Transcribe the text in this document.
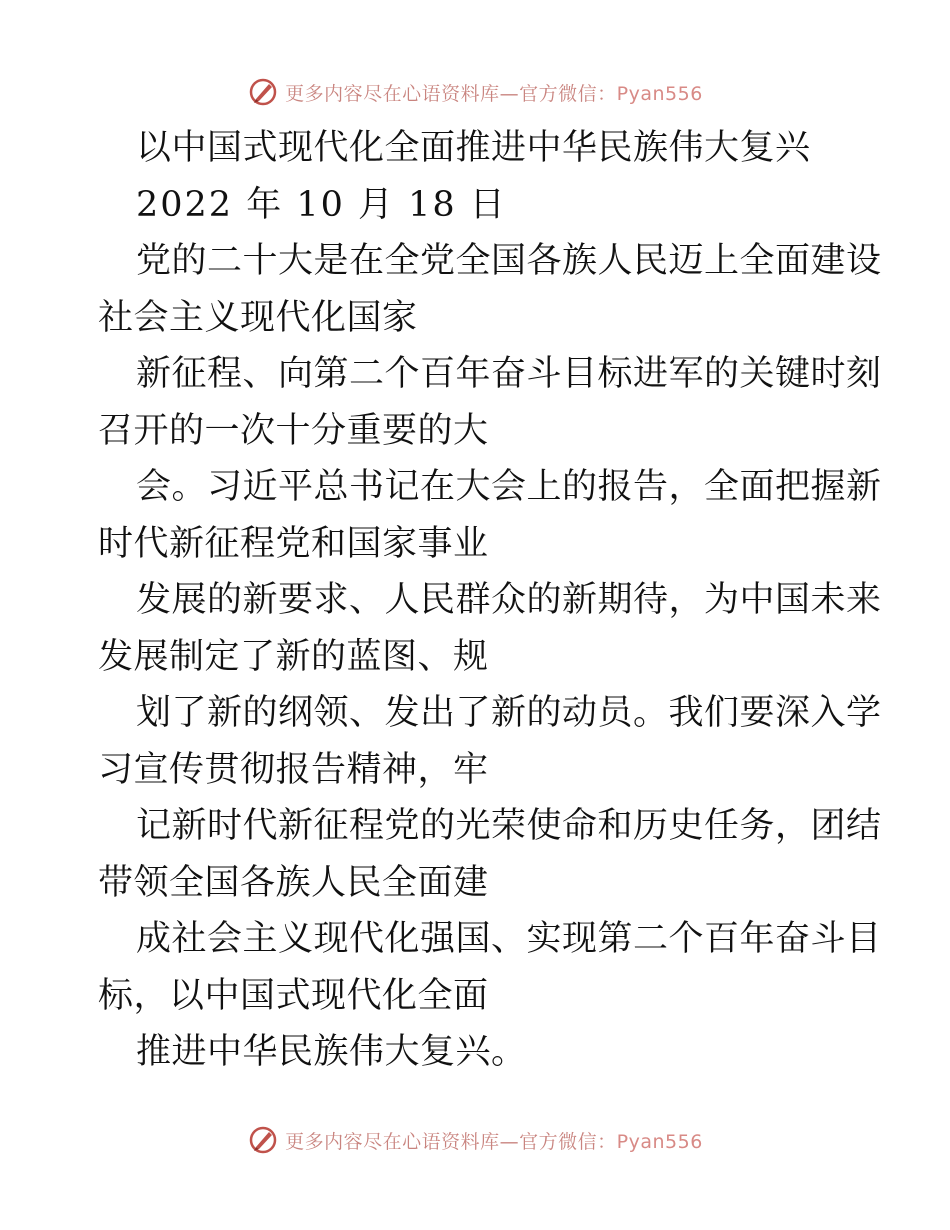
更多内容尽在心语资料库—官方微信：Pyan556
以中国式现代化全面推进中华民族伟大复兴
2022 年 10 月 18 日
党的二十大是在全党全国各族人民迈上全面建设
社会主义现代化国家
新征程、向第二个百年奋斗目标进军的关键时刻
召开的一次十分重要的大
会。习近平总书记在大会上的报告，全面把握新
时代新征程党和国家事业
发展的新要求、人民群众的新期待，为中国未来
发展制定了新的蓝图、规
划了新的纲领、发出了新的动员。我们要深入学
习宣传贯彻报告精神，牢
记新时代新征程党的光荣使命和历史任务，团结
带领全国各族人民全面建
成社会主义现代化强国、实现第二个百年奋斗目
标，以中国式现代化全面
推进中华民族伟大复兴。
更多内容尽在心语资料库—官方微信：Pyan556
